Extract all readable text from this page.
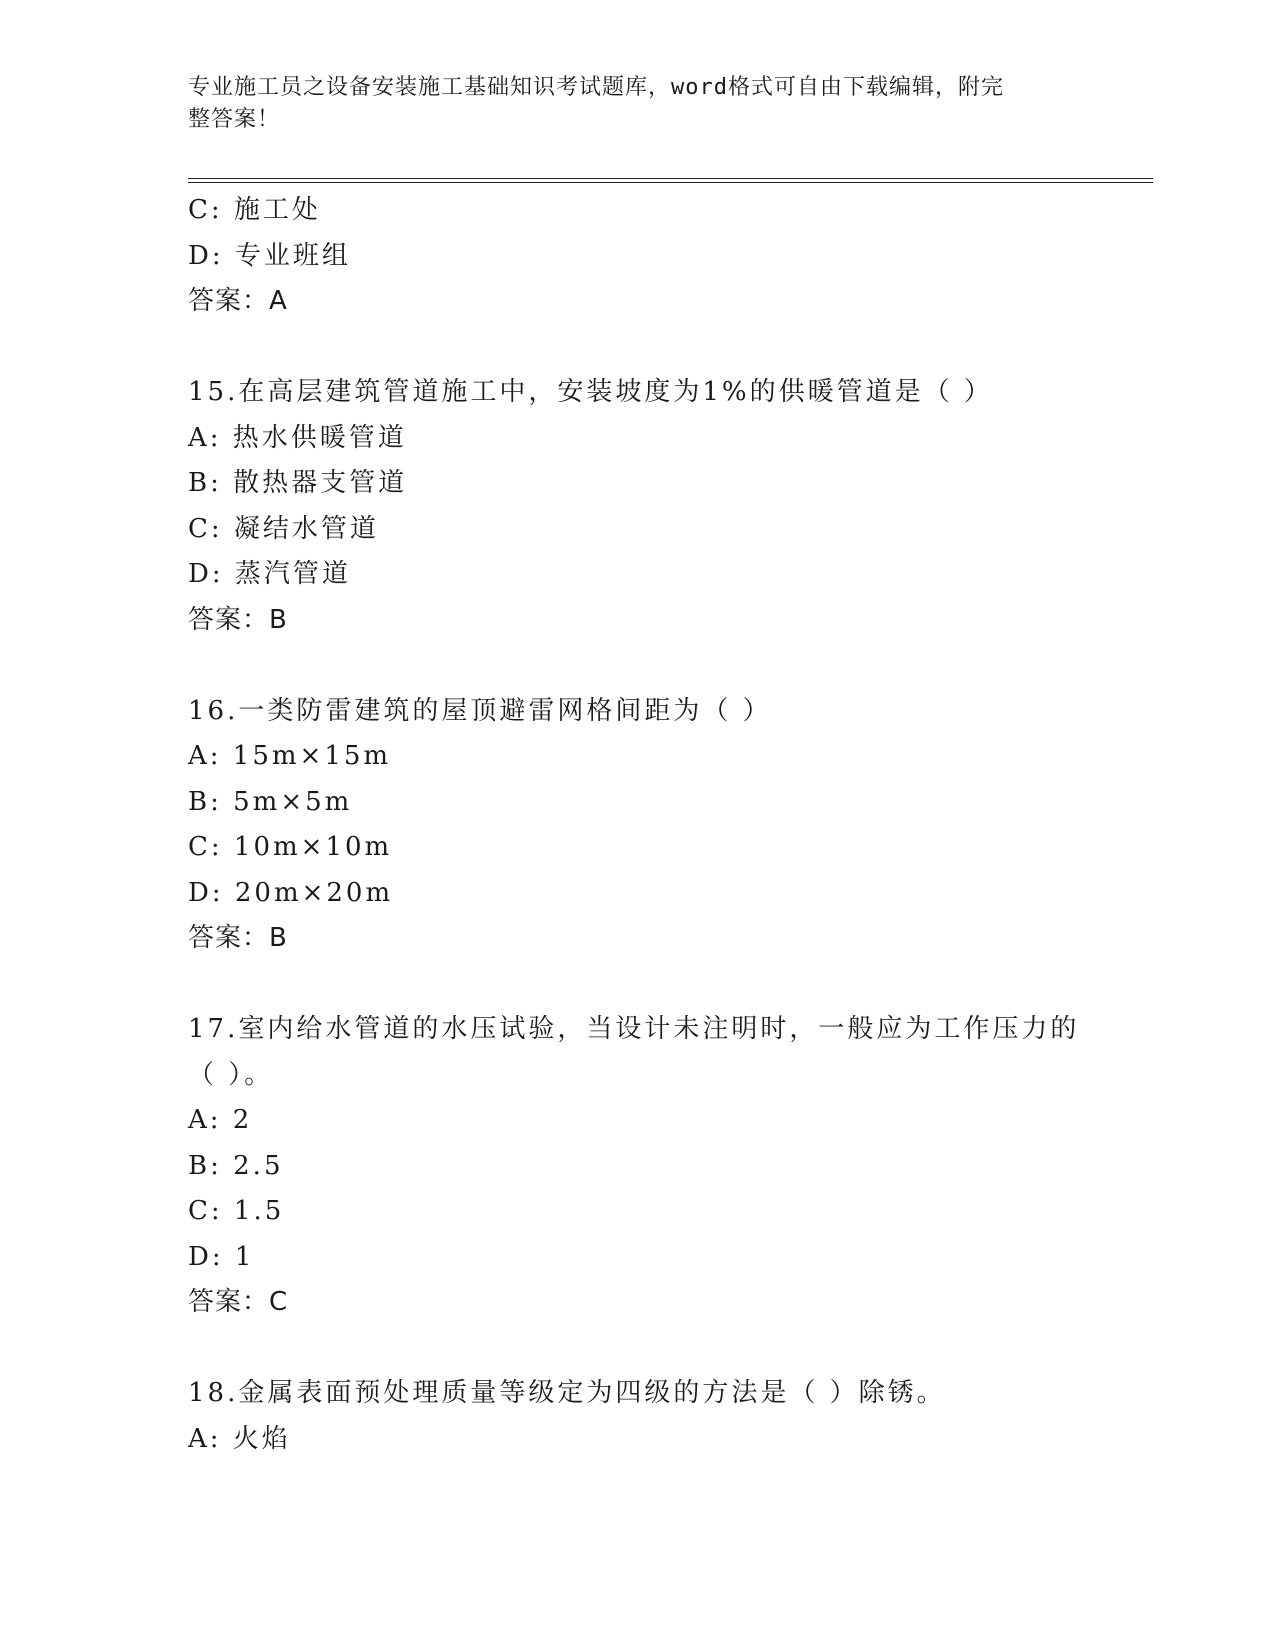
专业施工员之设备安装施工基础知识考试题库，word格式可自由下载编辑，附完
整答案！
C: 施工处
D: 专业班组
答案：A
15.在高层建筑管道施工中，安装坡度为1%的供暖管道是（ ）
A: 热水供暖管道
B: 散热器支管道
C: 凝结水管道
D: 蒸汽管道
答案：B
16.一类防雷建筑的屋顶避雷网格间距为（ ）
A: 15m×15m
B: 5m×5m
C: 10m×10m
D: 20m×20m
答案：B
17.室内给水管道的水压试验，当设计未注明时，一般应为工作压力的
（ ）。
A: 2
B: 2.5
C: 1.5
D: 1
答案：C
18.金属表面预处理质量等级定为四级的方法是（ ）除锈。
A: 火焰
